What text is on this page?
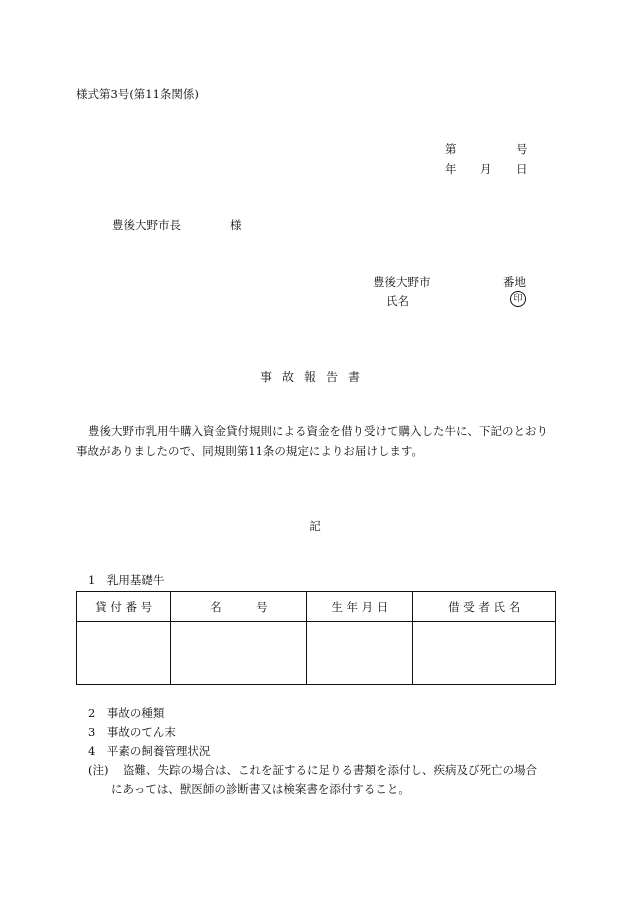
様式第3号(第11条関係)
第	号
年 月 日
豊後大野市長	様
豊後大野市	番地
氏名	印
事故報告書
豊後大野市乳用牛購入資金貸付規則による資金を借り受けて購入した牛に、下記のとおり事故がありましたので、同規則第11条の規定によりお届けします。
記
1　乳用基礎牛
貸 付 番 号	名　　　号	生 年 月 日	借 受 者 氏 名

2　事故の種類
3　事故のてん末
4　平素の飼養管理状況
(注) 盗難、失踪の場合は、これを証するに足りる書類を添付し、疾病及び死亡の場合
にあっては、獣医師の診断書又は検案書を添付すること。
